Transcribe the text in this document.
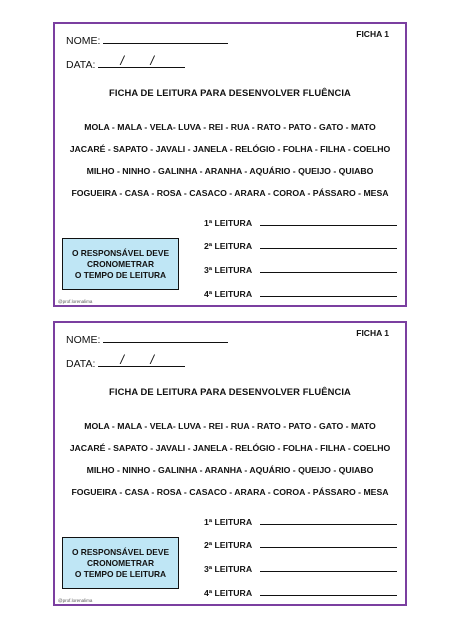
FICHA 1
NOME:
DATA: / /
FICHA DE LEITURA PARA DESENVOLVER FLUÊNCIA
MOLA - MALA - VELA- LUVA - REI - RUA - RATO - PATO - GATO - MATO
JACARÉ - SAPATO - JAVALI - JANELA - RELÓGIO - FOLHA - FILHA - COELHO
MILHO - NINHO - GALINHA - ARANHA - AQUÁRIO - QUEIJO - QUIABO
FOGUEIRA - CASA - ROSA - CASACO - ARARA - COROA - PÁSSARO - MESA
1ª LEITURA
2ª LEITURA
3ª LEITURA
4ª LEITURA
O RESPONSÁVEL DEVE
CRONOMETRAR
O TEMPO DE LEITURA
@prof.lorenalima
FICHA 1
NOME:
DATA: / /
FICHA DE LEITURA PARA DESENVOLVER FLUÊNCIA
MOLA - MALA - VELA- LUVA - REI - RUA - RATO - PATO - GATO - MATO
JACARÉ - SAPATO - JAVALI - JANELA - RELÓGIO - FOLHA - FILHA - COELHO
MILHO - NINHO - GALINHA - ARANHA - AQUÁRIO - QUEIJO - QUIABO
FOGUEIRA - CASA - ROSA - CASACO - ARARA - COROA - PÁSSARO - MESA
1ª LEITURA
2ª LEITURA
3ª LEITURA
4ª LEITURA
O RESPONSÁVEL DEVE
CRONOMETRAR
O TEMPO DE LEITURA
@prof.lorenalima
